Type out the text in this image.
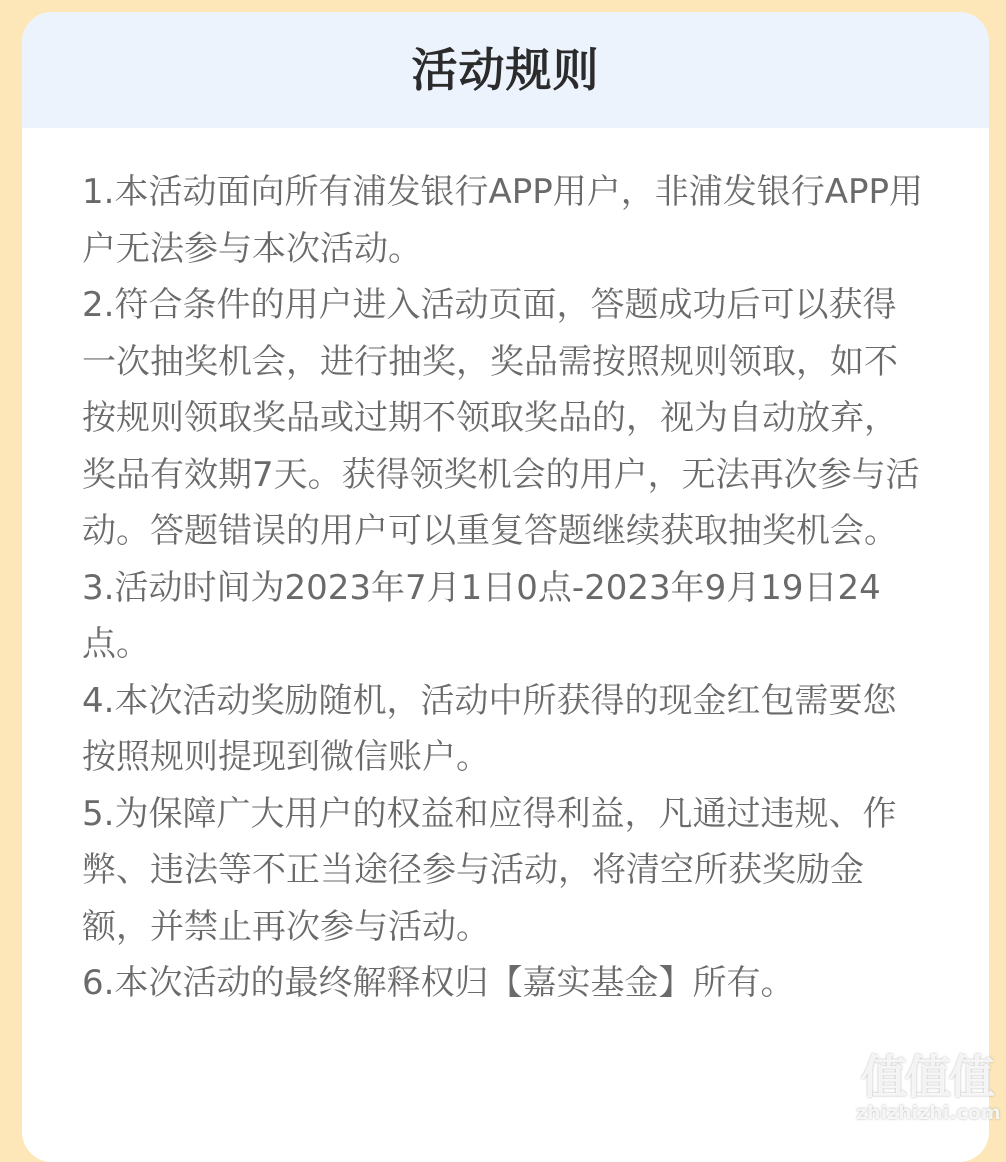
活动规则

1.本活动面向所有浦发银行APP用户，非浦发银行APP用户无法参与本次活动。

2.符合条件的用户进入活动页面，答题成功后可以获得一次抽奖机会，进行抽奖，奖品需按照规则领取，如不按规则领取奖品或过期不领取奖品的，视为自动放弃，奖品有效期7天。获得领奖机会的用户，无法再次参与活动。答题错误的用户可以重复答题继续获取抽奖机会。

3.活动时间为2023年7月1日0点-2023年9月19日24点。

4.本次活动奖励随机，活动中所获得的现金红包需要您按照规则提现到微信账户。

5.为保障广大用户的权益和应得利益，凡通过违规、作弊、违法等不正当途径参与活动，将清空所获奖励金额，并禁止再次参与活动。

6.本次活动的最终解释权归【嘉实基金】所有。

值值值
zhizhizhi.com
